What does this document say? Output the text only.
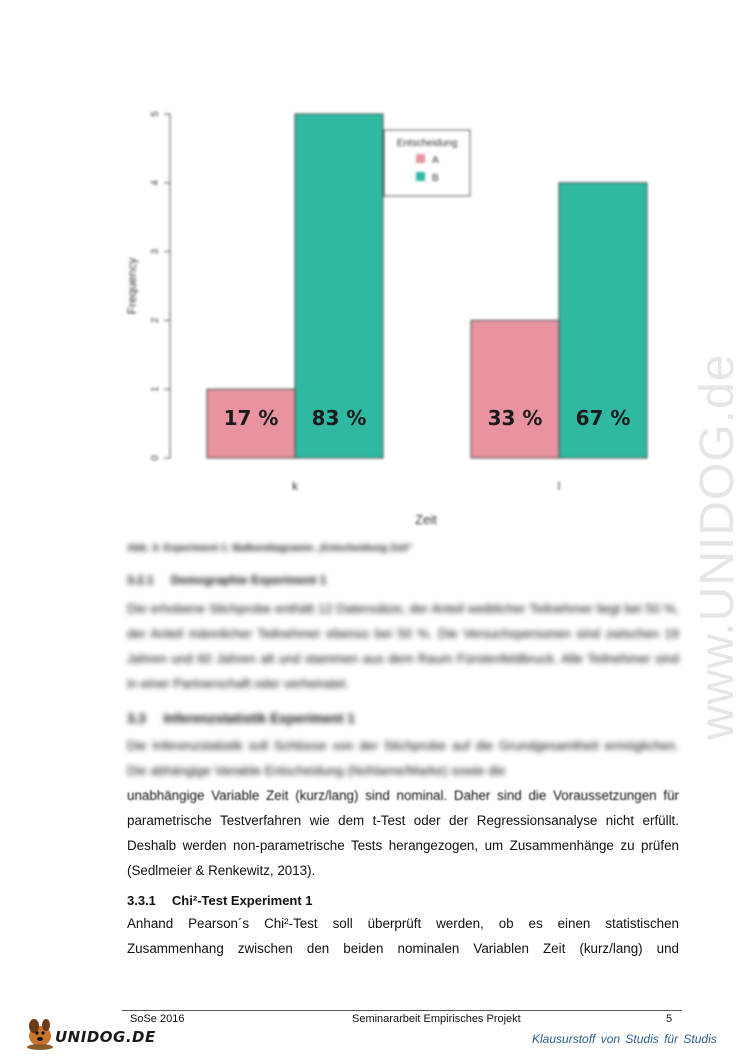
www.UNIDOG.de
0
1
2
3
4
5
Frequency
k	l
Zeit
Entscheidung
A
B
17 % 83 %	33 % 67 %
Abb. 3: Experiment 1: Balkendiagramm „Entscheidung Zeit"
3.2.1 Demographie Experiment 1
Die erhobene Stichprobe enthält 12 Datensätze, der Anteil weiblicher Teilnehmer liegt bei 50 %, der Anteil männlicher Teilnehmer ebenso bei 50 %. Die Versuchspersonen sind zwischen 19 Jahren und 60 Jahren alt und stammen aus dem Raum Fürstenfeldbruck. Alle Teilnehmer sind in einer Partnerschaft oder verheiratet.
3.3 Inferenzstatistik Experiment 1
Die Inferenzstatistik soll Schlüsse von der Stichprobe auf die Grundgesamtheit ermöglichen. Die abhängige Variable Entscheidung (Nohlame/Marke) sowie die
unabhängige Variable Zeit (kurz/lang) sind nominal. Daher sind die Voraussetzungen für
parametrische Testverfahren wie dem t-Test oder der Regressionsanalyse nicht erfüllt.
Deshalb werden non-parametrische Tests herangezogen, um Zusammenhänge zu prüfen
(Sedlmeier & Renkewitz, 2013).
3.3.1 Chi²-Test Experiment 1
Anhand Pearson´s Chi²-Test soll überprüft werden, ob es einen statistischen
Zusammenhang zwischen den beiden nominalen Variablen Zeit (kurz/lang) und
SoSe 2016	Seminararbeit Empirisches Projekt	5
UNIDOG.DE	Klausurstoff von Studis für Studis
